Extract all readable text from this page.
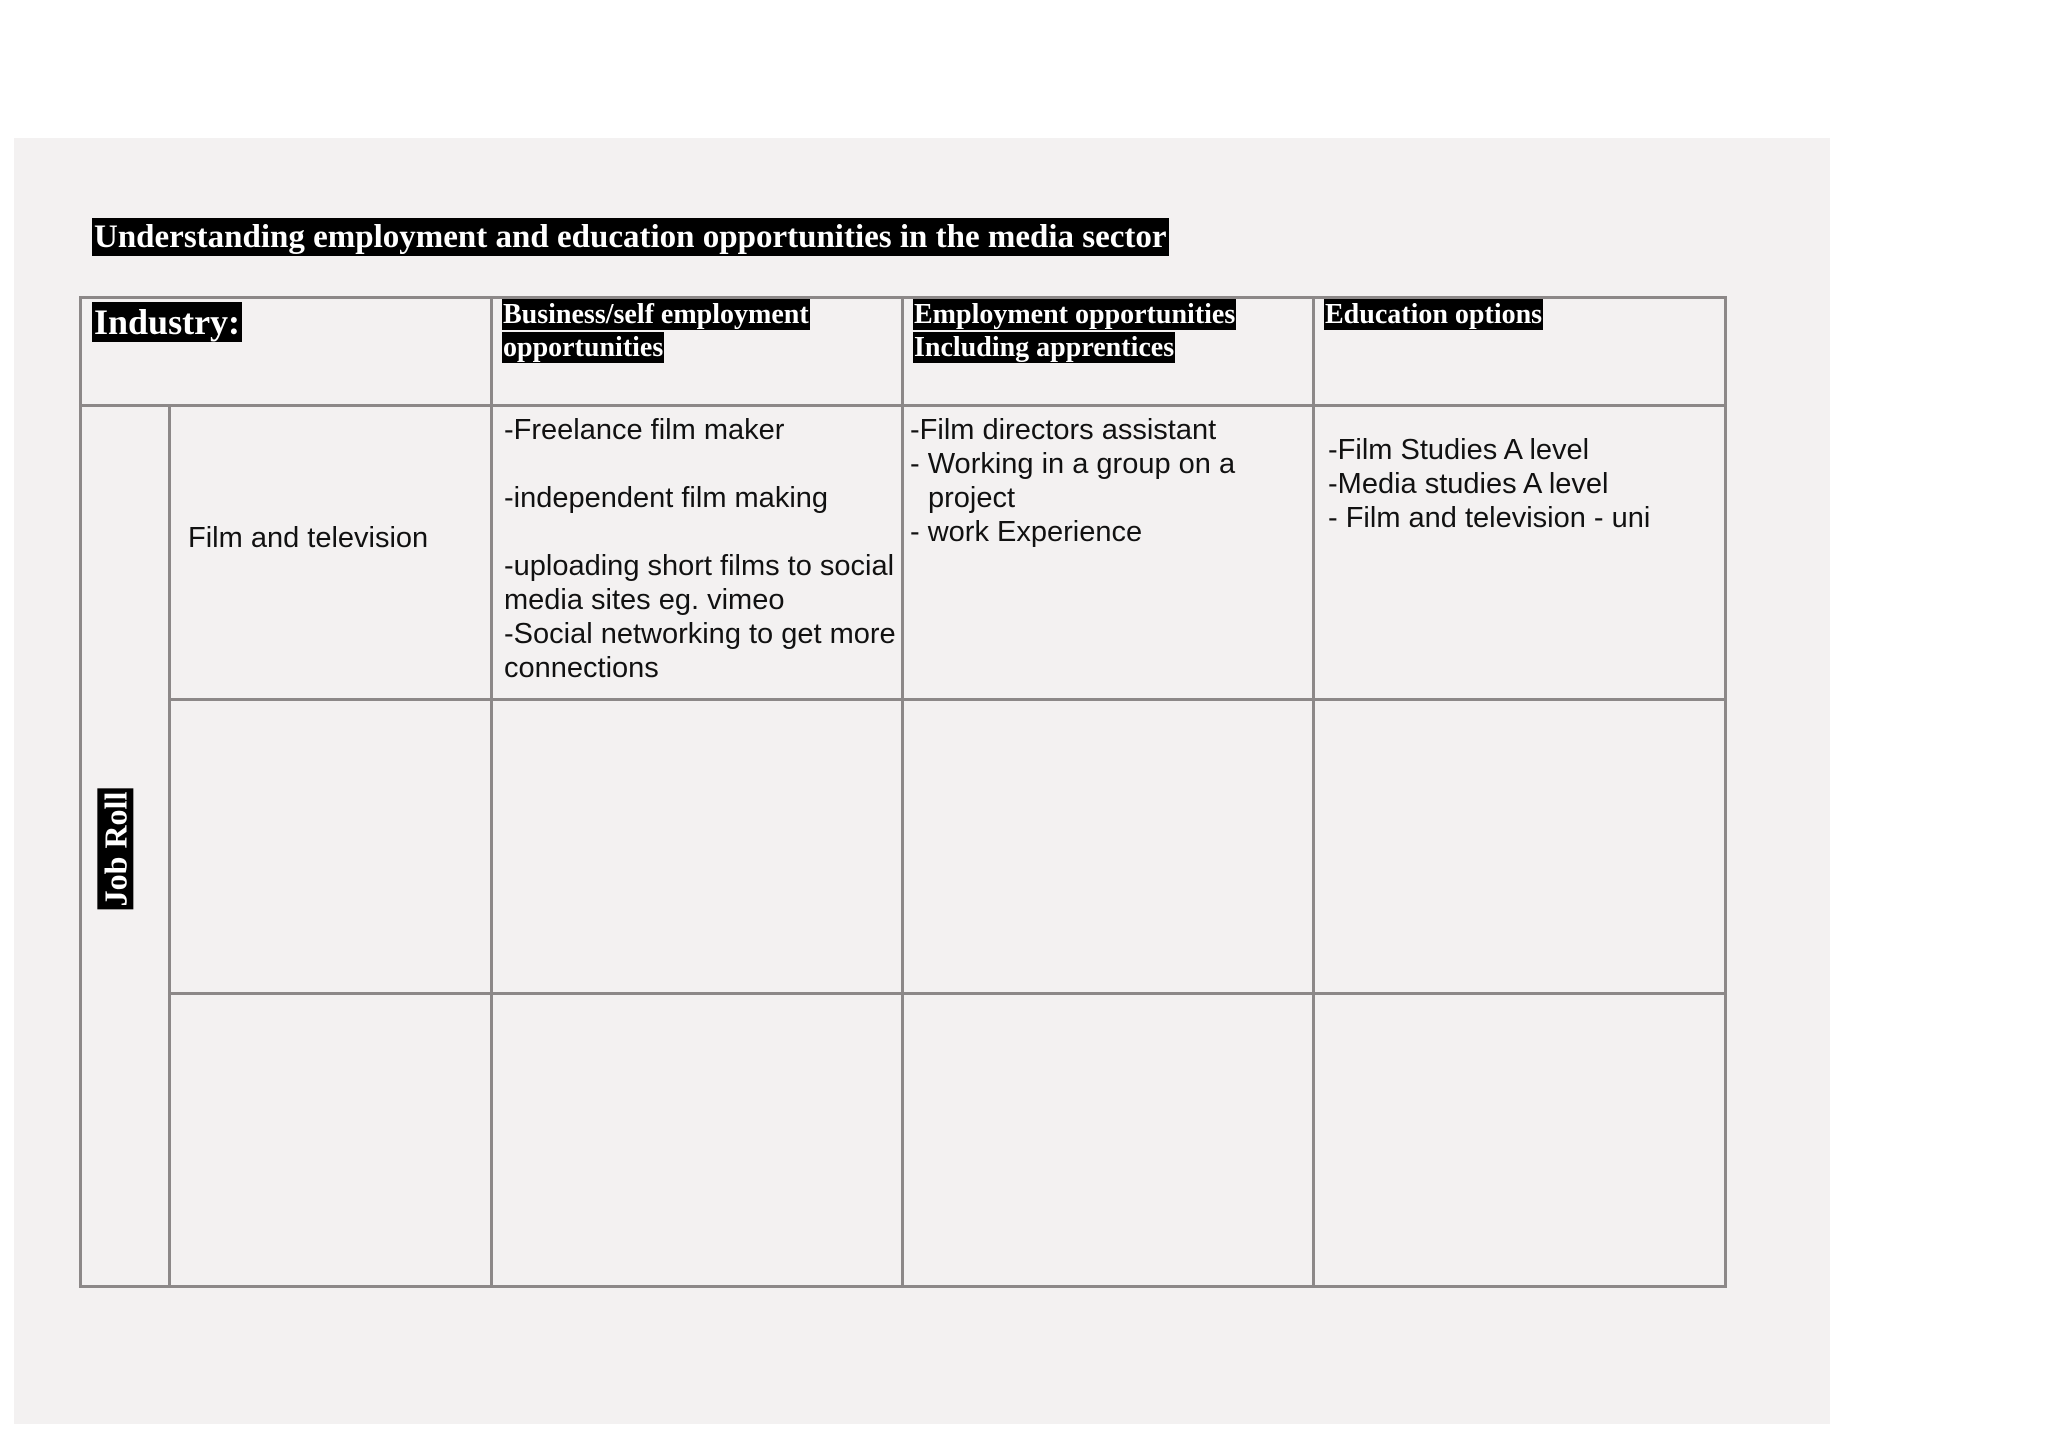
Understanding employment and education opportunities in the media sector
Industry:	Business/self employment
opportunities
Employment opportunities
Including apprentices
Education options
Job Roll
Film and television
-Freelance film maker
-independent film making
-uploading short films to social
media sites eg. vimeo
-Social networking to get more
connections
-Film directors assistant
- Working in a group on a
project
- work Experience
-Film Studies A level
-Media studies A level
- Film and television - uni
